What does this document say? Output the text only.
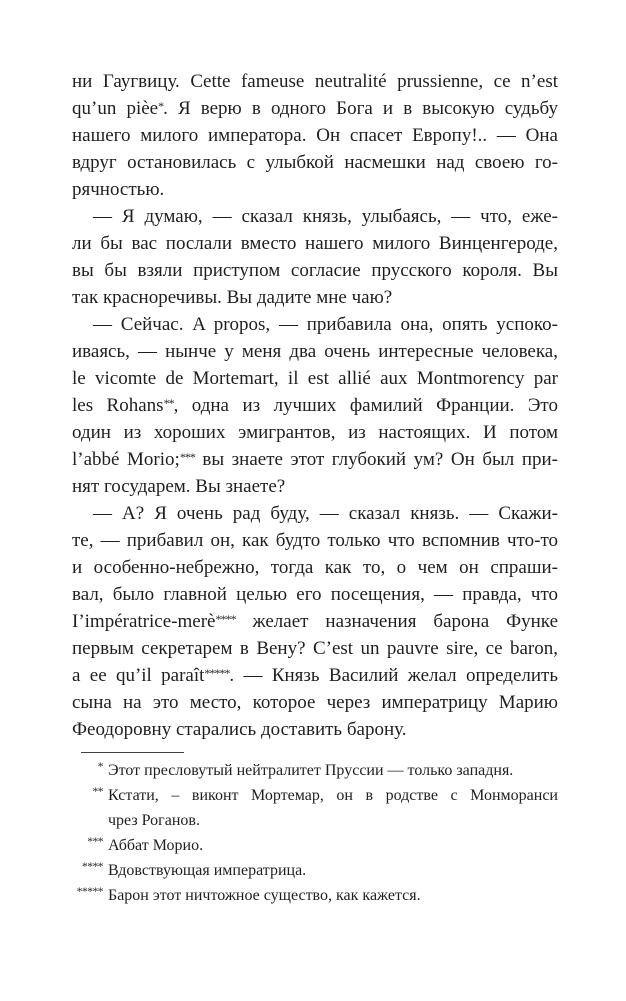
ни Гаугвицу. Cette fameuse neutralité prussienne, ce n’est
qu’un pièe*. Я верю в одного Бога и в высокую судьбу
нашего милого императора. Он спасет Европу!.. — Она
вдруг остановилась с улыбкой насмешки над своею го-
рячностью.
— Я думаю, — сказал князь, улыбаясь, — что, еже-
ли бы вас послали вместо нашего милого Винценгероде,
вы бы взяли приступом согласие прусского короля. Вы
так красноречивы. Вы дадите мне чаю?
— Сейчас. A propos, — прибавила она, опять успоко-
иваясь, — нынче у меня два очень интересные человека,
le vicomte de Mortemart, il est allié aux Montmorency par
les Rohans**, одна из лучших фамилий Франции. Это
один из хороших эмигрантов, из настоящих. И потом
l’abbé Morio;*** вы знаете этот глубокий ум? Он был при-
нят государем. Вы знаете?
— А? Я очень рад буду, — сказал князь. — Скажи-
те, — прибавил он, как будто только что вспомнив что-то
и особенно-небрежно, тогда как то, о чем он спраши-
вал, было главной целью его посещения, — правда, что
I’impératrice-merè**** желает назначения барона Функе
первым секретарем в Вену? C’est un pauvre sire, ce baron,
a ee qu’il paraît*****. — Князь Василий желал определить
сына на это место, которое через императрицу Марию
Феодоровну старались доставить барону.
* Этот пресловутый нейтралитет Пруссии — только западня.
** Кстати, – виконт Мортемар, он в родстве с Монморанси
чрез Роганов.
*** Аббат Морио.
**** Вдовствующая императрица.
***** Барон этот ничтожное существо, как кажется.
